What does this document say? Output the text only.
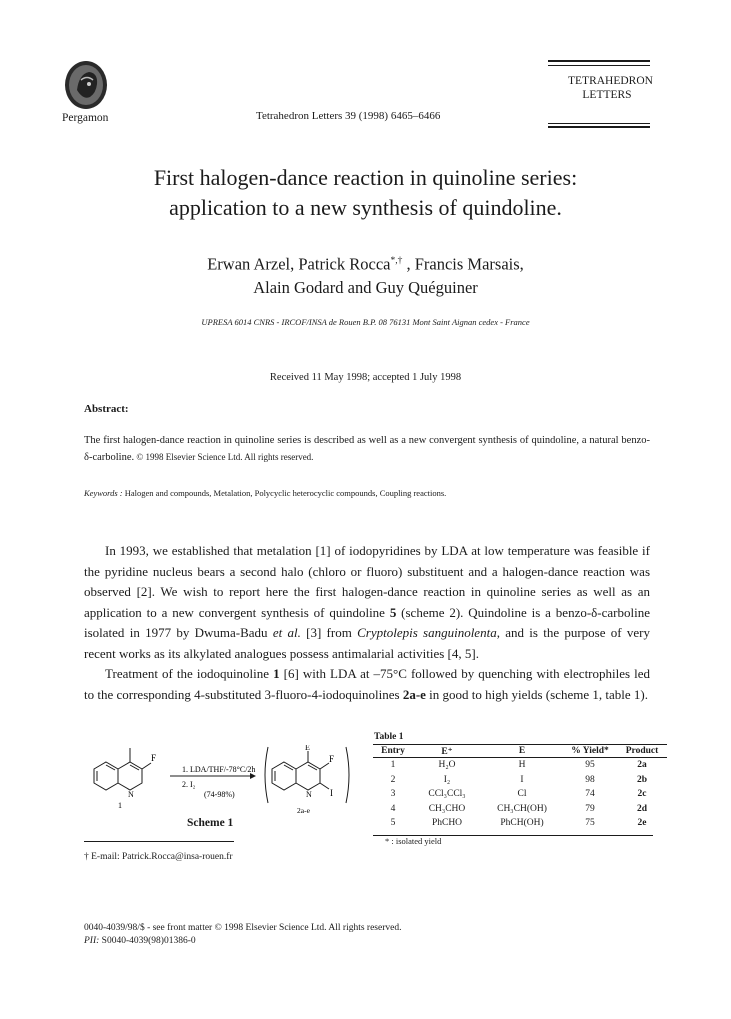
Pergamon	Tetrahedron Letters 39 (1998) 6465–6466
TETRAHEDRON
LETTERS
First halogen-dance reaction in quinoline series:
application to a new synthesis of quindoline.
Erwan Arzel, Patrick Rocca*,† , Francis Marsais,
Alain Godard and Guy Quéguiner
UPRESA 6014 CNRS - IRCOF/INSA de Rouen B.P. 08 76131 Mont Saint Aignan cedex - France
Received 11 May 1998; accepted 1 July 1998
Abstract:
The first halogen-dance reaction in quinoline series is described as well as a new convergent synthesis of quindoline, a natural benzo-δ-carboline. © 1998 Elsevier Science Ltd. All rights reserved.
Keywords : Halogen and compounds, Metalation, Polycyclic heterocyclic compounds, Coupling reactions.

In 1993, we established that metalation [1] of iodopyridines by LDA at low temperature was feasible if the pyridine nucleus bears a second halo (chloro or fluoro) substituent and a halogen-dance reaction was observed [2]. We wish to report here the first halogen-dance reaction in quinoline series as well as an application to a new convergent synthesis of quindoline 5 (scheme 2). Quindoline is a benzo-δ-carboline isolated in 1977 by Dwuma-Badu et al. [3] from Cryptolepis sanguinolenta, and is the purpose of very recent works as its alkylated analogues possess antimalarial activities [4, 5].

Treatment of the iodoquinoline 1 [6] with LDA at –75°C followed by quenching with electrophiles led to the corresponding 4-substituted 3-fluoro-4-iodoquinolines 2a-e in good to high yields (scheme 1, table 1).

F
N
1
1. LDA/THF/-78°C/2h
2. I₂
(74-98%)
E
F
I
N
2a-e
Scheme 1
† E-mail: Patrick.Rocca@insa-rouen.fr
Table 1
Entry	E⁺	E	% Yield*	Product
1	H₂O	H	95	2a
2	I₂	I	98	2b
3	CCl₃CCl₃	Cl	74	2c
4	CH₃CHO	CH₃CH(OH)	79	2d
5	PhCHO	PhCH(OH)	75	2e
* : isolated yield
0040-4039/98/$ - see front matter © 1998 Elsevier Science Ltd. All rights reserved.
PII: S0040-4039(98)01386-0
